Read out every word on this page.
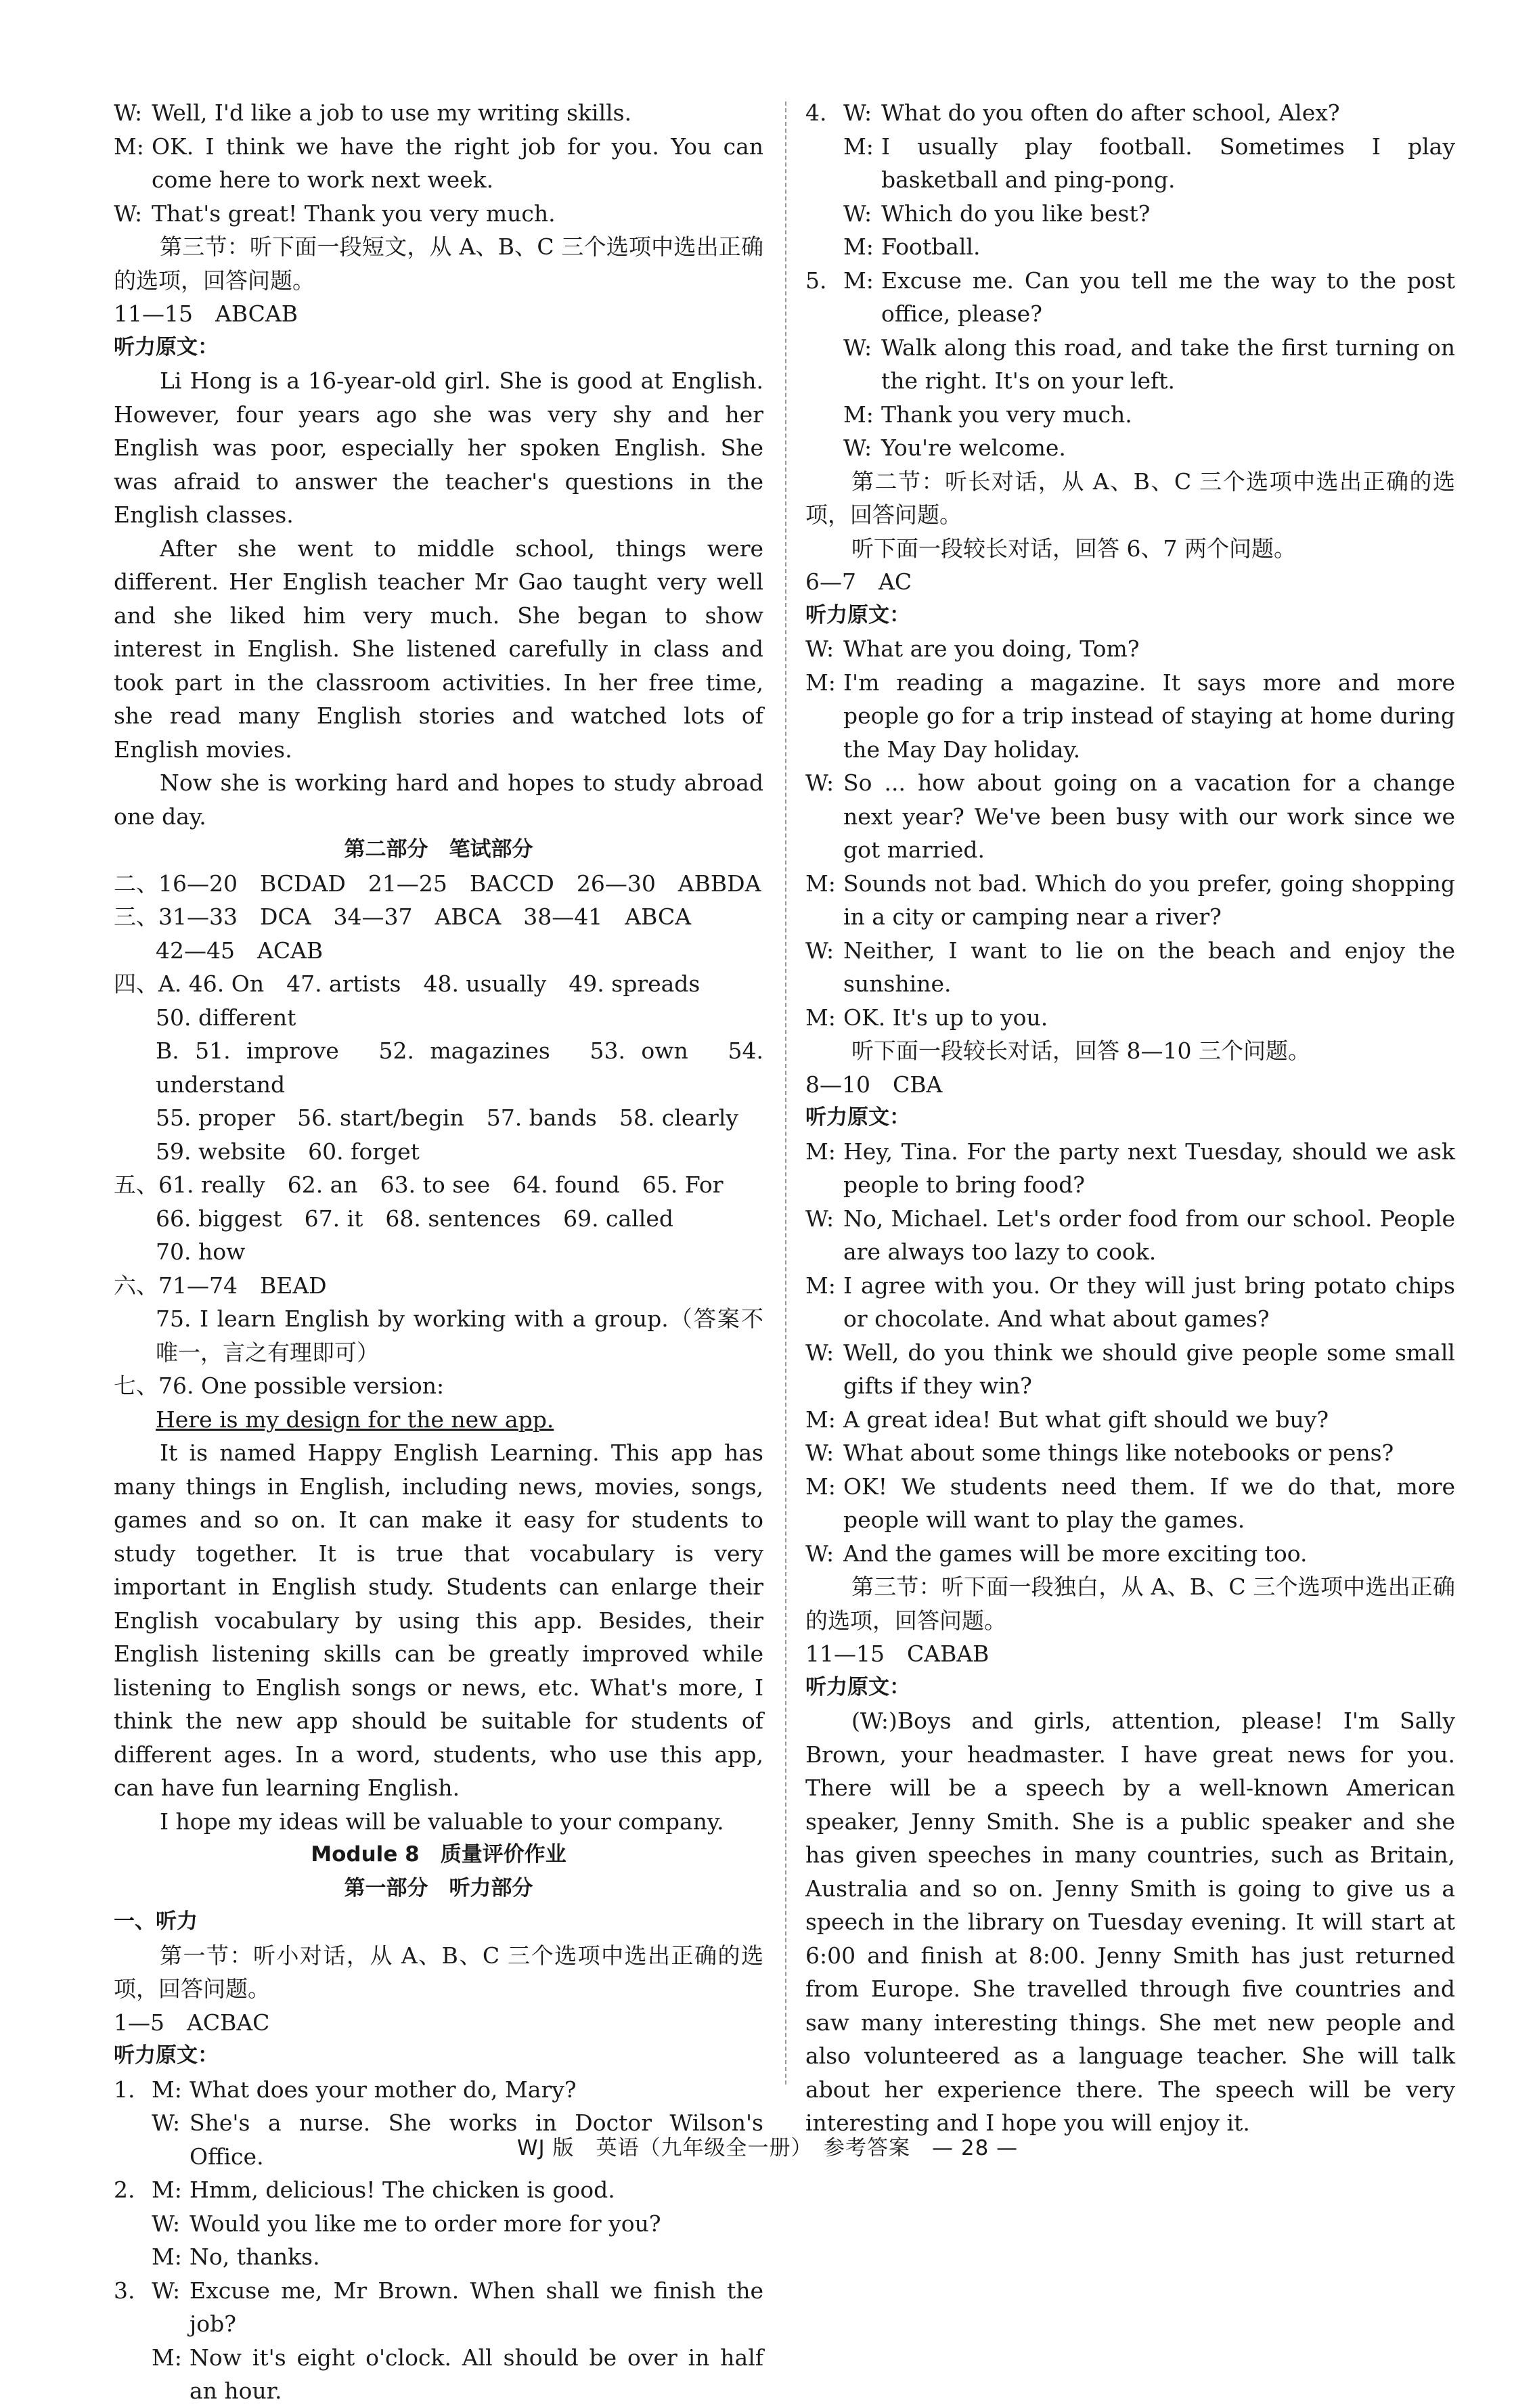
W: Well, I'd like a job to use my writing skills.
M: OK. I think we have the right job for you. You can come here to work next week.
W: That's great! Thank you very much.
第三节：听下面一段短文，从 A、B、C 三个选项中选出正确的选项，回答问题。
11—15　ABCAB
听力原文：
Li Hong is a 16-year-old girl. She is good at English. However, four years ago she was very shy and her English was poor, especially her spoken English. She was afraid to answer the teacher's questions in the English classes.
After she went to middle school, things were different. Her English teacher Mr Gao taught very well and she liked him very much. She began to show interest in English. She listened carefully in class and took part in the classroom activities. In her free time, she read many English stories and watched lots of English movies.
Now she is working hard and hopes to study abroad one day.
第二部分　笔试部分
二、16—20　BCDAD　21—25　BACCD　26—30　ABBDA
三、31—33　DCA　34—37　ABCA　38—41　ABCA
42—45　ACAB
四、A. 46. On　47. artists　48. usually　49. spreads
50. different
B. 51. improve　52. magazines　53. own　54. understand
55. proper　56. start/begin　57. bands　58. clearly
59. website　60. forget
五、61. really　62. an　63. to see　64. found　65. For
66. biggest　67. it　68. sentences　69. called
70. how
六、71—74　BEAD
75. I learn English by working with a group.（答案不唯一，言之有理即可）
七、76. One possible version:
Here is my design for the new app.
It is named Happy English Learning. This app has many things in English, including news, movies, songs, games and so on. It can make it easy for students to study together. It is true that vocabulary is very important in English study. Students can enlarge their English vocabulary by using this app. Besides, their English listening skills can be greatly improved while listening to English songs or news, etc. What's more, I think the new app should be suitable for students of different ages. In a word, students, who use this app, can have fun learning English.
I hope my ideas will be valuable to your company.
Module 8　质量评价作业
第一部分　听力部分
一、听力
第一节：听小对话，从 A、B、C 三个选项中选出正确的选项，回答问题。
1—5　ACBAC
听力原文：
1. M: What does your mother do, Mary?
W: She's a nurse. She works in Doctor Wilson's Office.
2. M: Hmm, delicious! The chicken is good.
W: Would you like me to order more for you?
M: No, thanks.
3. W: Excuse me, Mr Brown. When shall we finish the job?
M: Now it's eight o'clock. All should be over in half an hour.
4. W: What do you often do after school, Alex?
M: I usually play football. Sometimes I play basketball and ping-pong.
W: Which do you like best?
M: Football.
5. M: Excuse me. Can you tell me the way to the post office, please?
W: Walk along this road, and take the first turning on the right. It's on your left.
M: Thank you very much.
W: You're welcome.
第二节：听长对话，从 A、B、C 三个选项中选出正确的选项，回答问题。
听下面一段较长对话，回答 6、7 两个问题。
6—7　AC
听力原文：
W: What are you doing, Tom?
M: I'm reading a magazine. It says more and more people go for a trip instead of staying at home during the May Day holiday.
W: So ... how about going on a vacation for a change next year? We've been busy with our work since we got married.
M: Sounds not bad. Which do you prefer, going shopping in a city or camping near a river?
W: Neither, I want to lie on the beach and enjoy the sunshine.
M: OK. It's up to you.
听下面一段较长对话，回答 8—10 三个问题。
8—10　CBA
听力原文：
M: Hey, Tina. For the party next Tuesday, should we ask people to bring food?
W: No, Michael. Let's order food from our school. People are always too lazy to cook.
M: I agree with you. Or they will just bring potato chips or chocolate. And what about games?
W: Well, do you think we should give people some small gifts if they win?
M: A great idea! But what gift should we buy?
W: What about some things like notebooks or pens?
M: OK! We students need them. If we do that, more people will want to play the games.
W: And the games will be more exciting too.
第三节：听下面一段独白，从 A、B、C 三个选项中选出正确的选项，回答问题。
11—15　CABAB
听力原文：
(W:)Boys and girls, attention, please! I'm Sally Brown, your headmaster. I have great news for you. There will be a speech by a well-known American speaker, Jenny Smith. She is a public speaker and she has given speeches in many countries, such as Britain, Australia and so on. Jenny Smith is going to give us a speech in the library on Tuesday evening. It will start at 6:00 and finish at 8:00. Jenny Smith has just returned from Europe. She travelled through five countries and saw many interesting things. She met new people and also volunteered as a language teacher. She will talk about her experience there. The speech will be very interesting and I hope you will enjoy it.
WJ 版　英语（九年级全一册）　参考答案　— 28 —
